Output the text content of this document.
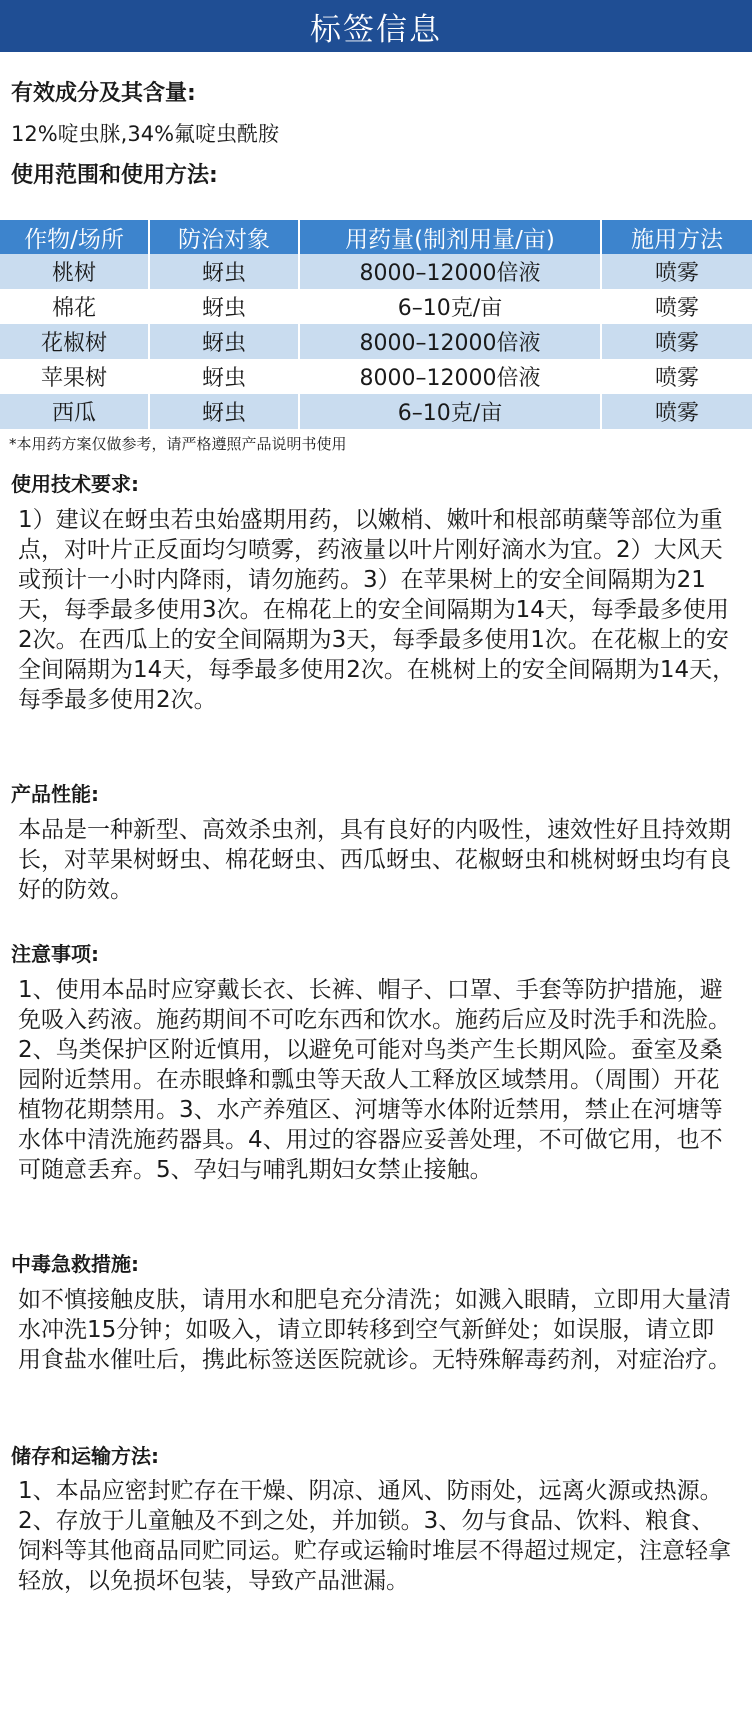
标签信息
有效成分及其含量:
12%啶虫脒,34%氟啶虫酰胺
使用范围和使用方法:
作物/场所	防治对象	用药量(制剂用量/亩)	施用方法
桃树	蚜虫	8000–12000倍液	喷雾
棉花	蚜虫	6–10克/亩	喷雾
花椒树	蚜虫	8000–12000倍液	喷雾
苹果树	蚜虫	8000–12000倍液	喷雾
西瓜	蚜虫	6–10克/亩	喷雾
*本用药方案仅做参考，请严格遵照产品说明书使用
使用技术要求:

1）建议在蚜虫若虫始盛期用药，以嫩梢、嫩叶和根部萌蘖等部位为重点，对叶片正反面均匀喷雾，药液量以叶片刚好滴水为宜。2）大风天或预计一小时内降雨，请勿施药。3）在苹果树上的安全间隔期为21天，每季最多使用3次。在棉花上的安全间隔期为14天，每季最多使用2次。在西瓜上的安全间隔期为3天，每季最多使用1次。在花椒上的安全间隔期为14天，每季最多使用2次。在桃树上的安全间隔期为14天，每季最多使用2次。

产品性能:

本品是一种新型、高效杀虫剂，具有良好的内吸性，速效性好且持效期长，对苹果树蚜虫、棉花蚜虫、西瓜蚜虫、花椒蚜虫和桃树蚜虫均有良好的防效。

注意事项:

1、使用本品时应穿戴长衣、长裤、帽子、口罩、手套等防护措施，避免吸入药液。施药期间不可吃东西和饮水。施药后应及时洗手和洗脸。2、鸟类保护区附近慎用，以避免可能对鸟类产生长期风险。蚕室及桑园附近禁用。在赤眼蜂和瓢虫等天敌人工释放区域禁用。（周围）开花植物花期禁用。3、水产养殖区、河塘等水体附近禁用，禁止在河塘等水体中清洗施药器具。4、用过的容器应妥善处理，不可做它用，也不可随意丢弃。5、孕妇与哺乳期妇女禁止接触。

中毒急救措施:

如不慎接触皮肤，请用水和肥皂充分清洗；如溅入眼睛，立即用大量清水冲洗15分钟；如吸入，请立即转移到空气新鲜处；如误服，请立即用食盐水催吐后，携此标签送医院就诊。无特殊解毒药剂，对症治疗。

储存和运输方法:

1、本品应密封贮存在干燥、阴凉、通风、防雨处，远离火源或热源。2、存放于儿童触及不到之处，并加锁。3、勿与食品、饮料、粮食、饲料等其他商品同贮同运。贮存或运输时堆层不得超过规定，注意轻拿轻放，以免损坏包装，导致产品泄漏。
